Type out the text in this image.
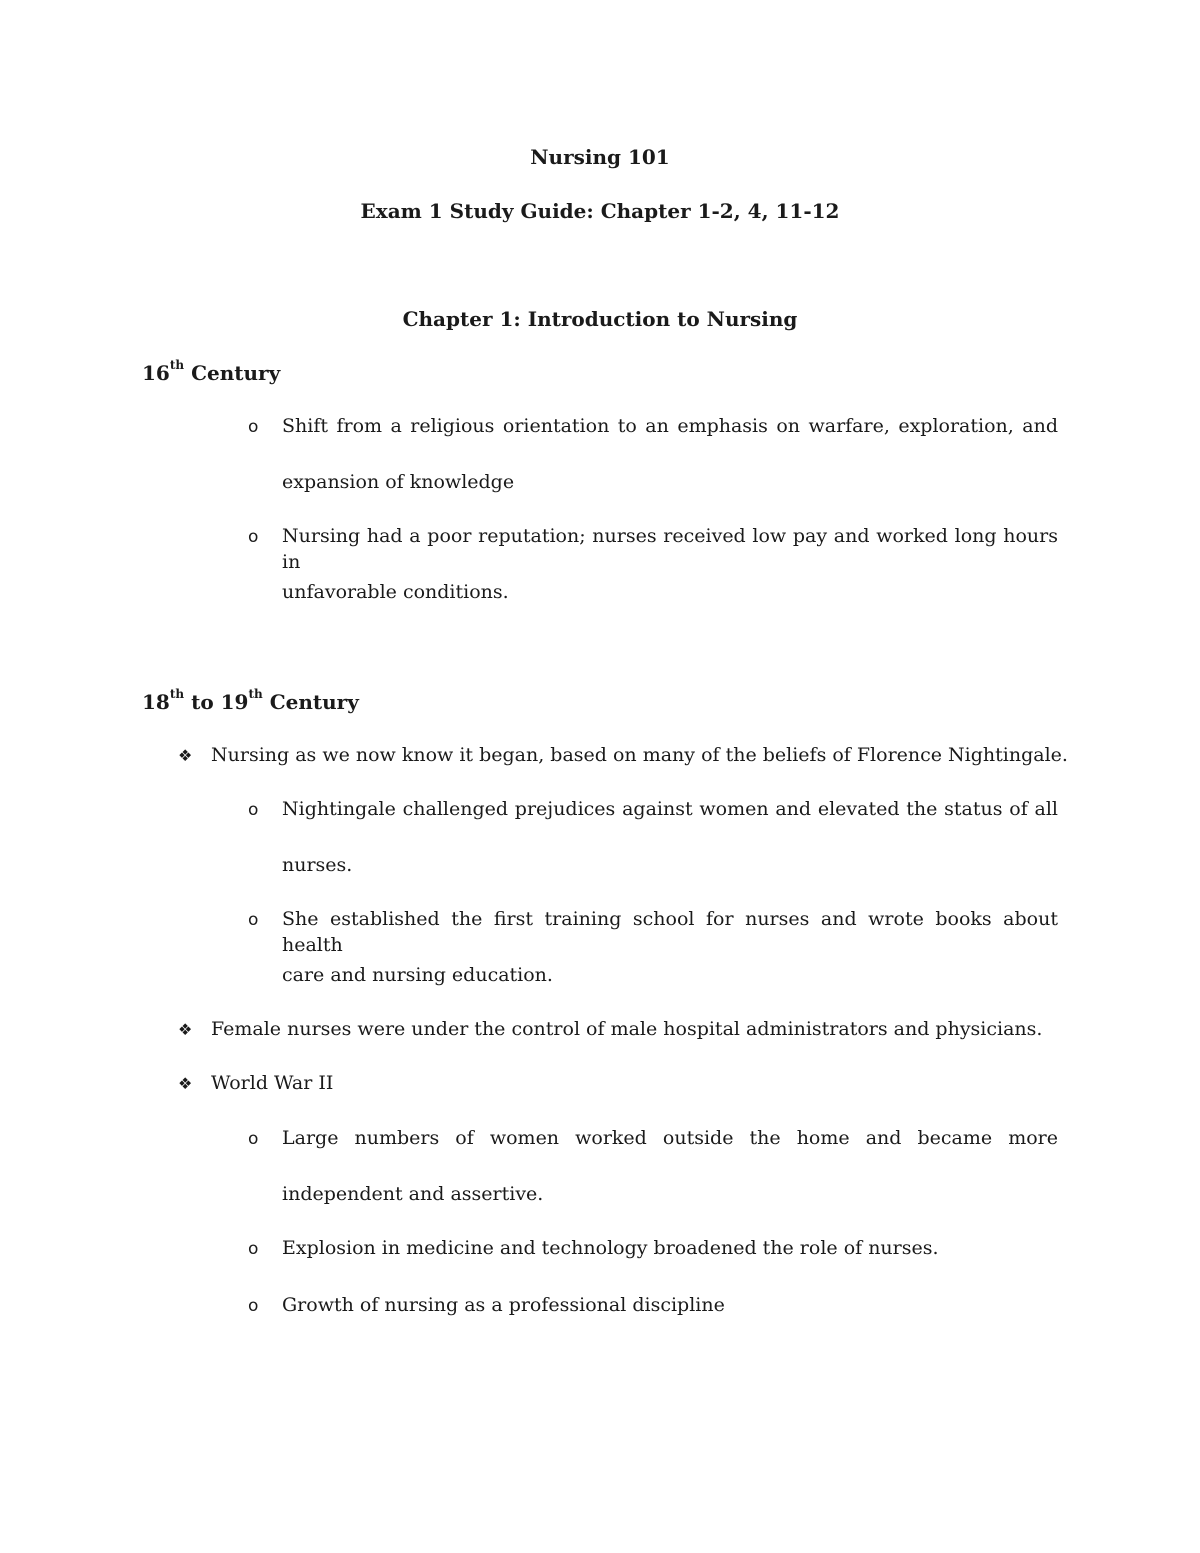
Nursing 101
Exam 1 Study Guide: Chapter 1-2, 4, 11-12
Chapter 1: Introduction to Nursing
16th Century
o Shift from a religious orientation to an emphasis on warfare, exploration, and
expansion of knowledge
o Nursing had a poor reputation; nurses received low pay and worked long hours in
unfavorable conditions.
18th to 19th Century
❖ Nursing as we now know it began, based on many of the beliefs of Florence Nightingale.
o Nightingale challenged prejudices against women and elevated the status of all
nurses.
o She established the first training school for nurses and wrote books about health
care and nursing education.
❖ Female nurses were under the control of male hospital administrators and physicians.
❖ World War II
o Large numbers of women worked outside the home and became more
independent and assertive.
o Explosion in medicine and technology broadened the role of nurses.
o Growth of nursing as a professional discipline
